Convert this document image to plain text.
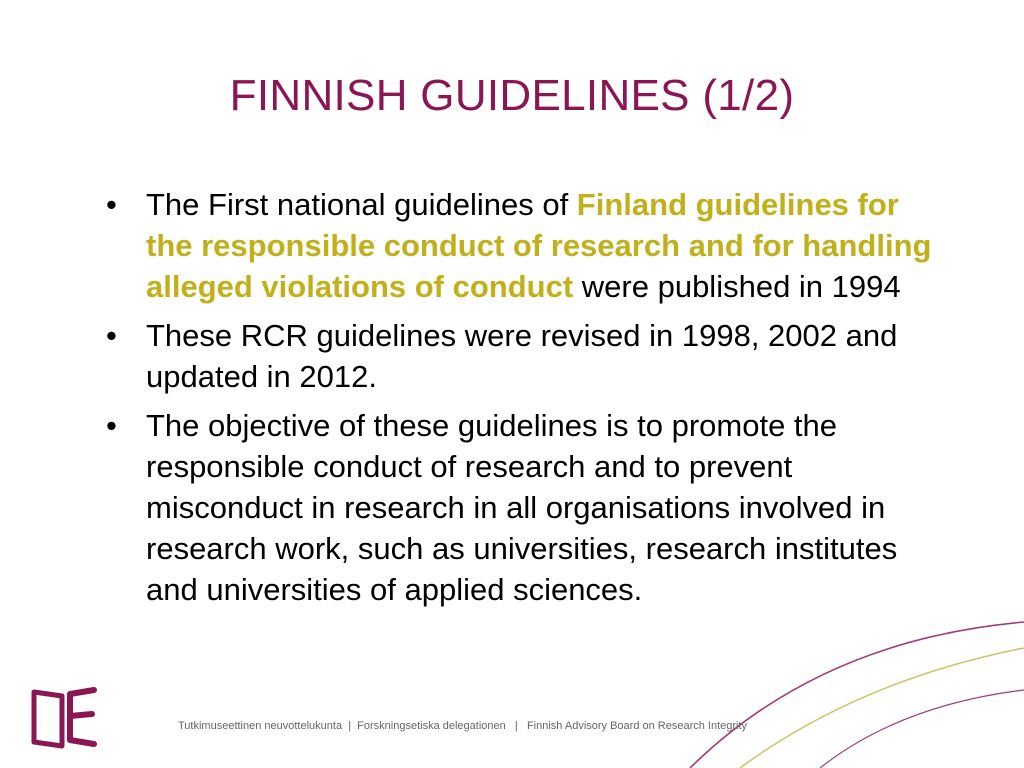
FINNISH GUIDELINES (1/2)
• The First national guidelines of Finland guidelines for the responsible conduct of research and for handling alleged violations of conduct were published in 1994
• These RCR guidelines were revised in 1998, 2002 and updated in 2012.
• The objective of these guidelines is to promote the responsible conduct of research and to prevent misconduct in research in all organisations involved in research work, such as universities, research institutes and universities of applied sciences.
Tutkimuseettinen neuvottelukunta  |  Forskningsetiska delegationen   |   Finnish Advisory Board on Research Integrity
